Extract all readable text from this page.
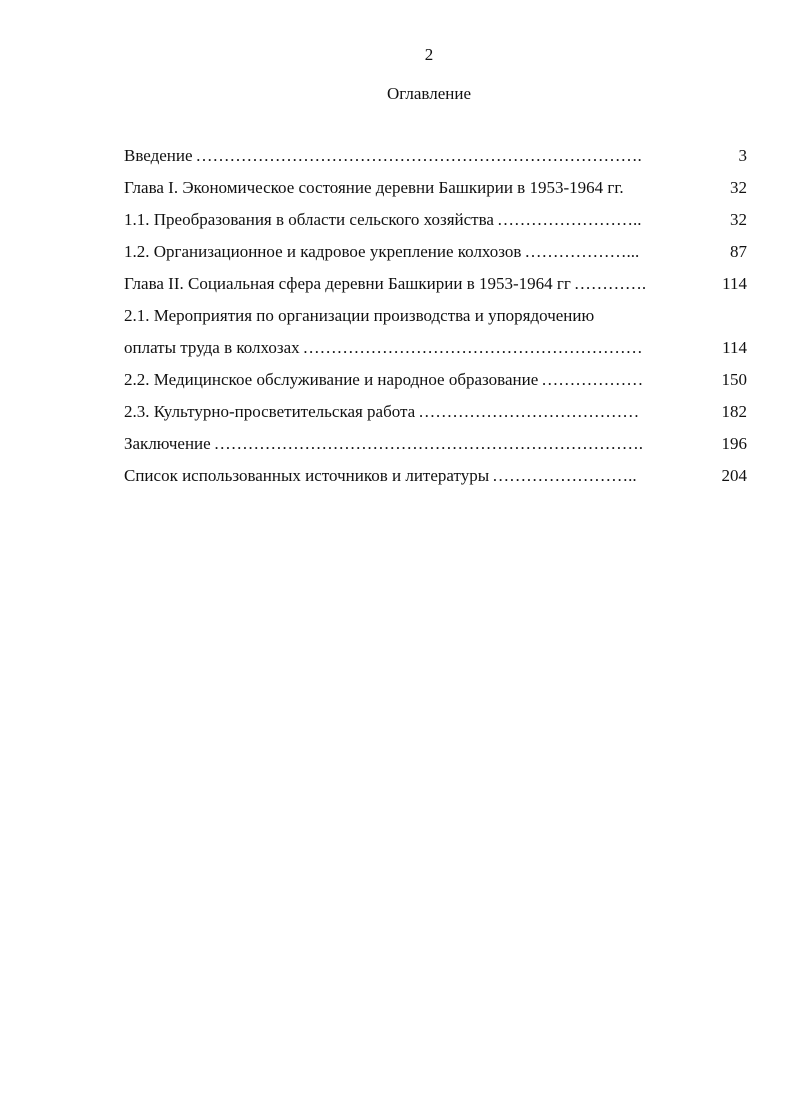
2
Оглавление
Введение …………………………………………………………………….	3
Глава I. Экономическое состояние деревни Башкирии в 1953-1964 гг.	32
1.1. Преобразования в области сельского хозяйства ……………………..	32
1.2. Организационное и кадровое укрепление колхозов ………………...	87
Глава II. Социальная сфера деревни Башкирии в 1953-1964 гг ………….	114
2.1. Мероприятия по организации производства и упорядочению
оплаты труда в колхозах ……………………………………………………	114
2.2. Медицинское обслуживание и народное образование ………………	150
2.3. Культурно-просветительская работа …………………………………	182
Заключение ………………………………………………………………….	196
Список использованных источников и литературы ……………………..	204
